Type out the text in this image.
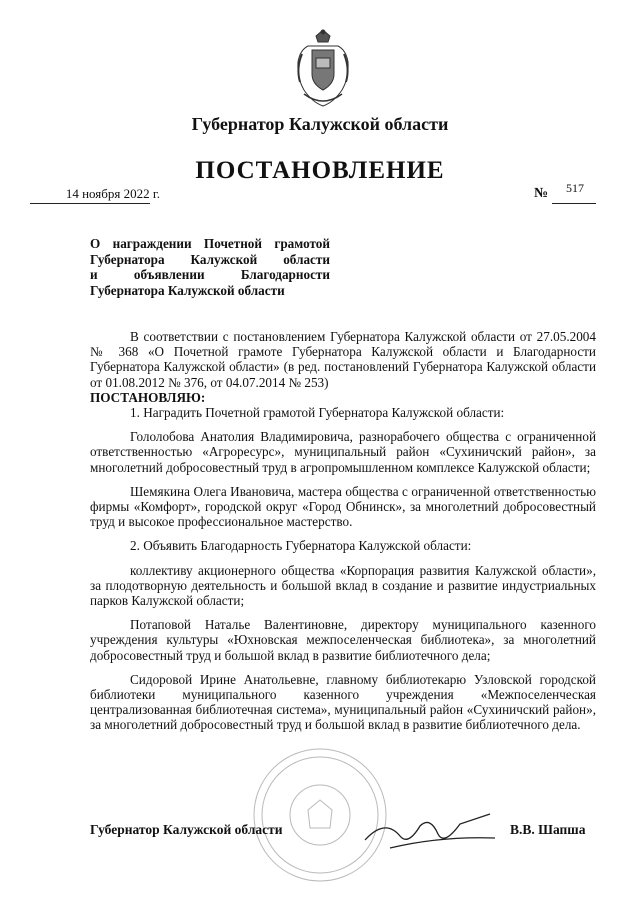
Губернатор Калужской области
ПОСТАНОВЛЕНИЕ
14 ноября 2022 г.	№ 517
О награждении Почетной грамотой
Губернатора Калужской области
и объявлении Благодарности
Губернатора Калужской области

В соответствии с постановлением Губернатора Калужской области от 27.05.2004 № 368 «О Почетной грамоте Губернатора Калужской области и Благодарности Губернатора Калужской области» (в ред. постановлений Губернатора Калужской области от 01.08.2012 № 376, от 04.07.2014 № 253)

ПОСТАНОВЛЯЮ:

1. Наградить Почетной грамотой Губернатора Калужской области:

Гололобова Анатолия Владимировича, разнорабочего общества с ограниченной ответственностью «Агроресурс», муниципальный район «Сухиничский район», за многолетний добросовестный труд в агропромышленном комплексе Калужской области;

Шемякина Олега Ивановича, мастера общества с ограниченной ответственностью фирмы «Комфорт», городской округ «Город Обнинск», за многолетний добросовестный труд и высокое профессиональное мастерство.

2. Объявить Благодарность Губернатора Калужской области:

коллективу акционерного общества «Корпорация развития Калужской области», за плодотворную деятельность и большой вклад в создание и развитие индустриальных парков Калужской области;

Потаповой Наталье Валентиновне, директору муниципального казенного учреждения культуры «Юхновская межпоселенческая библиотека», за многолетний добросовестный труд и большой вклад в развитие библиотечного дела;

Сидоровой Ирине Анатольевне, главному библиотекарю Узловской городской библиотеки муниципального казенного учреждения «Межпоселенческая централизованная библиотечная система», муниципальный район «Сухиничский район», за многолетний добросовестный труд и большой вклад в развитие библиотечного дела.

Губернатор Калужской области	В.В. Шапша
